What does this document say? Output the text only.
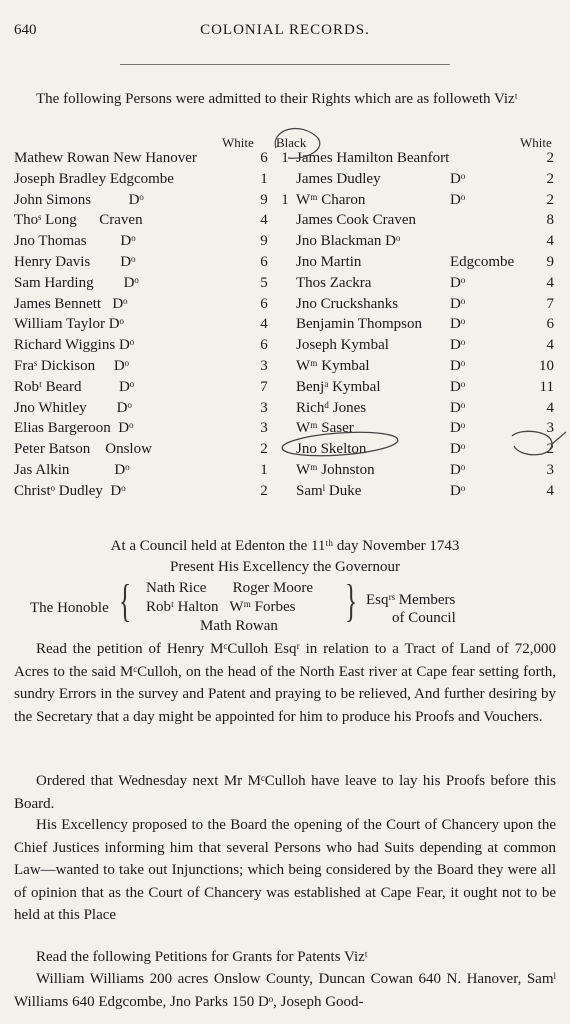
640	COLONIAL RECORDS.
The following Persons were admitted to their Rights which are as followeth Vizᵗ
White Black	White
Mathew Rowan New Hanover	6 1 James Hamilton Beanfort	2
Joseph Bradley Edgcombe	1 James Dudley	Dᵒ	2
John Simons          Dᵒ	9 1 Wᵐ Charon	Dᵒ	2
Thoˢ Long      Craven	4 James Cook Craven	8
Jno Thomas         Dᵒ	9 Jno Blackman Dᵒ	4
Henry Davis        Dᵒ	6 Jno Martin	Edgcombe	9
Sam Harding        Dᵒ	5 Thos Zackra	Dᵒ	4
James Bennett   Dᵒ	6 Jno Cruckshanks	Dᵒ	7
William Taylor Dᵒ	4 Benjamin Thompson Dᵒ	6
Richard Wiggins Dᵒ	6 Joseph Kymbal	Dᵒ	4
Fraˢ Dickison     Dᵒ	3 Wᵐ Kymbal	Dᵒ	10
Robᵗ Beard          Dᵒ	7 Benjᵃ Kymbal	Dᵒ	11
Jno Whitley        Dᵒ	3 Richᵈ Jones	Dᵒ	4
Elias Bargeroon  Dᵒ	3 Wᵐ Saser	Dᵒ	3
Peter Batson    Onslow	2 Jno Skelton	Dᵒ	2
Jas Alkin            Dᵒ	1 Wᵐ Johnston	Dᵒ	3
Christᵒ Dudley  Dᵒ	2 Samˡ Duke	Dᵒ	4
At a Council held at Edenton the 11ᵗʰ day November 1743
Present His Excellency the Governour
The Honoble { Nath Rice       Roger Moore
Robᵗ Halton   Wᵐ Forbes
Math Rowan } Esqʳˢ Members
of Council
Read the petition of Henry MᶜCulloh Esqʳ in relation to a Tract of Land of 72,000 Acres to the said MᶜCulloh, on the head of the North East river at Cape fear setting forth, sundry Errors in the survey and Patent and praying to be relieved, And further desiring by the Secretary that a day might be appointed for him to produce his Proofs and Vouchers.
Ordered that Wednesday next Mr MᶜCulloh have leave to lay his Proofs before this Board.
His Excellency proposed to the Board the opening of the Court of Chancery upon the Chief Justices informing him that several Persons who had Suits depending at common Law—wanted to take out Injunctions; which being considered by the Board they were all of opinion that as the Court of Chancery was established at Cape Fear, it ought not to be held at this Place
Read the following Petitions for Grants for Patents Vizᵗ
William Williams 200 acres Onslow County, Duncan Cowan 640 N. Hanover, Samˡ Williams 640 Edgcombe, Jno Parks 150 Dᵒ, Joseph Good-
